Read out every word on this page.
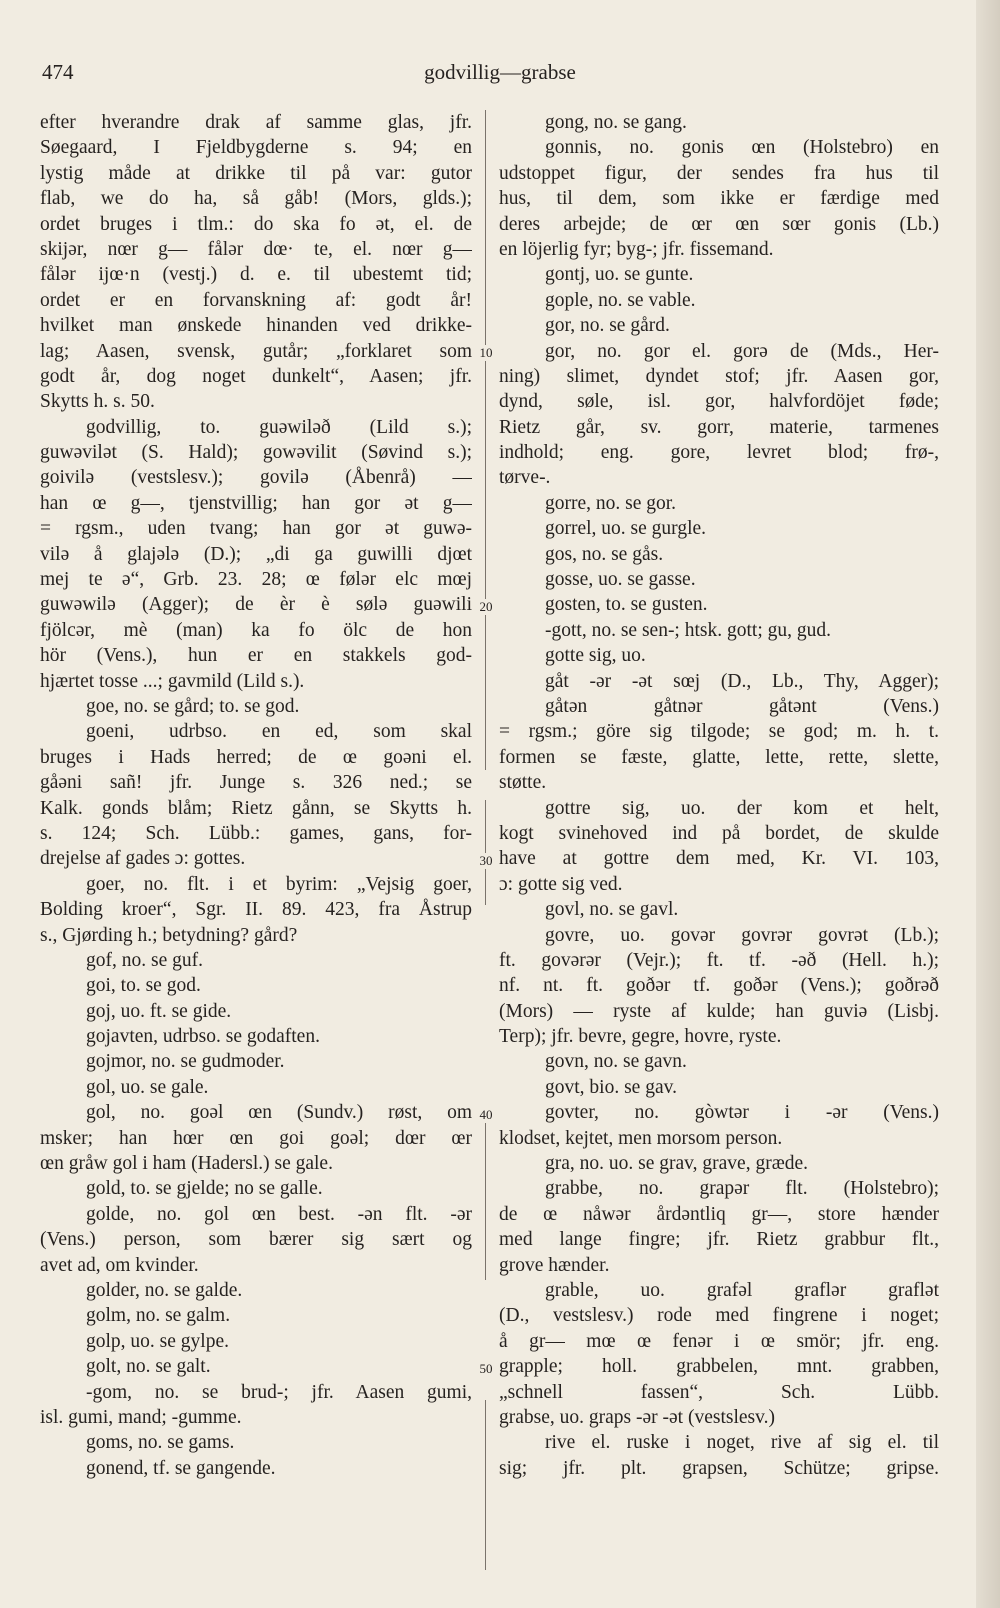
474	godvillig—grabse
efter hverandre drak af samme glas, jfr.
Søegaard, I Fjeldbygderne s. 94; en
lystig måde at drikke til på var: gutor
flab, we do ha, så gåb! (Mors, glds.);
ordet bruges i tlm.: do ska fo ət, el. de
skijər, nœr g— fålər dœ· te, el. nœr g—
fålər ijœ·n (vestj.) d. e. til ubestemt tid;
ordet er en forvanskning af: godt år!
hvilket man ønskede hinanden ved drikke-
lag; Aasen, svensk, gutår; „forklaret som
godt år, dog noget dunkelt“, Aasen; jfr.
Skytts h. s. 50.
godvillig, to. guəwiləð (Lild s.);
guwəvilət (S. Hald); gowəvilit (Søvind s.);
goivilə (vestslesv.); govilə (Åbenrå) —
han œ g—, tjenstvillig; han gor ət g—
= rgsm., uden tvang; han gor ət guwə-
vilə å glajələ (D.); „di ga guwilli djœt
mej te ə“, Grb. 23. 28; œ følər elc mœj
guwəwilə (Agger); de èr è sølə guəwili
fjölcər, mè (man) ka fo ölc de hon
hör (Vens.), hun er en stakkels god-
hjærtet tosse ...; gavmild (Lild s.).
goe, no. se gård; to. se god.
goeni, udrbso. en ed, som skal
bruges i Hads herred; de œ goəni el.
gåəni sañ! jfr. Junge s. 326 ned.; se
Kalk. gonds blåm; Rietz gånn, se Skytts h.
s. 124; Sch. Lübb.: games, gans, for-
drejelse af gades ɔ: gottes.
goer, no. flt. i et byrim: „Vejsig goer,
Bolding kroer“, Sgr. II. 89. 423, fra Åstrup
s., Gjørding h.; betydning? gård?
gof, no. se guf.
goi, to. se god.
goj, uo. ft. se gide.
gojavten, udrbso. se godaften.
gojmor, no. se gudmoder.
gol, uo. se gale.
gol, no. goəl œn (Sundv.) røst, om
msker; han hœr œn goi goəl; dœr œr
œn gråw gol i ham (Hadersl.) se gale.
gold, to. se gjelde; no se galle.
golde, no. gol œn best. -ən flt. -ər
(Vens.) person, som bærer sig sært og
avet ad, om kvinder.
golder, no. se galde.
golm, no. se galm.
golp, uo. se gylpe.
golt, no. se galt.
-gom, no. se brud-; jfr. Aasen gumi,
isl. gumi, mand; -gumme.
goms, no. se gams.
gonend, tf. se gangende.
gong, no. se gang.
gonnis, no. gonis œn (Holstebro) en
udstoppet figur, der sendes fra hus til
hus, til dem, som ikke er færdige med
deres arbejde; de œr œn sœr gonis (Lb.)
en löjerlig fyr; byg-; jfr. fissemand.
gontj, uo. se gunte.
gople, no. se vable.
gor, no. se gård.
gor, no. gor el. gorə de (Mds., Her-
ning) slimet, dyndet stof; jfr. Aasen gor,
dynd, søle, isl. gor, halvfordöjet føde;
Rietz går, sv. gorr, materie, tarmenes
indhold; eng. gore, levret blod; frø-,
tørve-.
gorre, no. se gor.
gorrel, uo. se gurgle.
gos, no. se gås.
gosse, uo. se gasse.
gosten, to. se gusten.
-gott, no. se sen-; htsk. gott; gu, gud.
gotte sig, uo.
gåt -ər -ət sœj (D., Lb., Thy, Agger);
gåtən gåtnər gåtənt (Vens.)
= rgsm.; göre sig tilgode; se god; m. h. t.
formen se fæste, glatte, lette, rette, slette,
støtte.
gottre sig, uo. der kom et helt,
kogt svinehoved ind på bordet, de skulde
have at gottre dem med, Kr. VI. 103,
ɔ: gotte sig ved.
govl, no. se gavl.
govre, uo. govər govrər govrət (Lb.);
ft. govərər (Vejr.); ft. tf. -əð (Hell. h.);
nf. nt. ft. goðər tf. goðər (Vens.); goðrəð
(Mors) — ryste af kulde; han guviə (Lisbj.
Terp); jfr. bevre, gegre, hovre, ryste.
govn, no. se gavn.
govt, bio. se gav.
govter, no. gòwtər i -ər (Vens.)
klodset, kejtet, men morsom person.
gra, no. uo. se grav, grave, græde.
grabbe, no. grapər flt. (Holstebro);
de œ nåwər årdəntliq gr—, store hænder
med lange fingre; jfr. Rietz grabbur flt.,
grove hænder.
grable, uo. grafəl graflər graflət
(D., vestslesv.) rode med fingrene i noget;
å gr— mœ œ fenər i œ smör; jfr. eng.
grapple; holl. grabbelen, mnt. grabben,
„schnell fassen“, Sch. Lübb.
grabse, uo. graps -ər -ət (vestslesv.)
rive el. ruske i noget, rive af sig el. til
sig; jfr. plt. grapsen, Schütze; gripse.
10
20
30
40
50
